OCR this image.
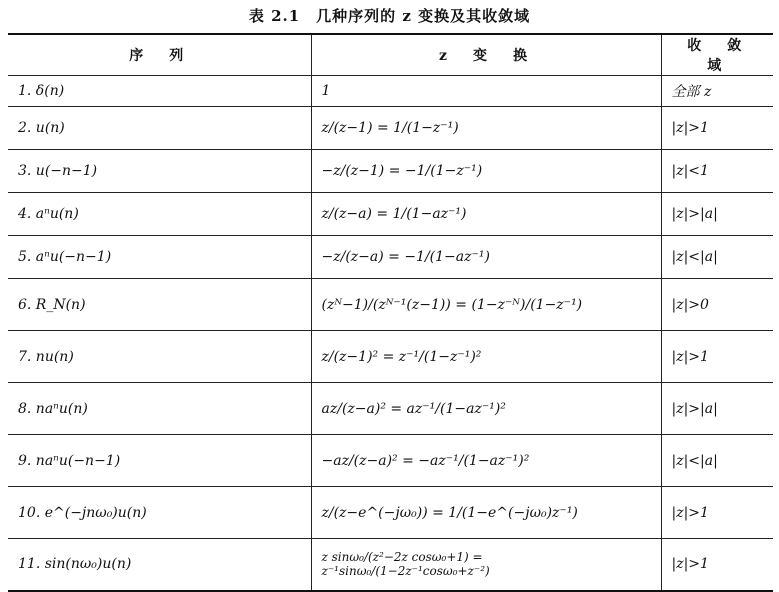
表 2.1　几种序列的 z 变换及其收敛域
序　列	z　变　换	收　敛　域
1. δ(n)	1	全部 z
2. u(n)	z/(z−1) = 1/(1−z⁻¹)	|z|>1
3. u(−n−1)	−z/(z−1) = −1/(1−z⁻¹)	|z|<1
4. aⁿu(n)	z/(z−a) = 1/(1−az⁻¹)	|z|>|a|
5. aⁿu(−n−1)	−z/(z−a) = −1/(1−az⁻¹)	|z|<|a|
6. R_N(n)	(zᴺ−1)/(zᴺ⁻¹(z−1)) = (1−z⁻ᴺ)/(1−z⁻¹)	|z|>0
7. nu(n)	z/(z−1)² = z⁻¹/(1−z⁻¹)²	|z|>1
8. naⁿu(n)	az/(z−a)² = az⁻¹/(1−az⁻¹)²	|z|>|a|
9. naⁿu(−n−1)	−az/(z−a)² = −az⁻¹/(1−az⁻¹)²	|z|<|a|
10. e^(−jnω₀)u(n)	z/(z−e^(−jω₀)) = 1/(1−e^(−jω₀)z⁻¹)	|z|>1
11. sin(nω₀)u(n)	z sinω₀/(z²−2z cosω₀+1) = z⁻¹sinω₀/(1−2z⁻¹cosω₀+z⁻²)	|z|>1
